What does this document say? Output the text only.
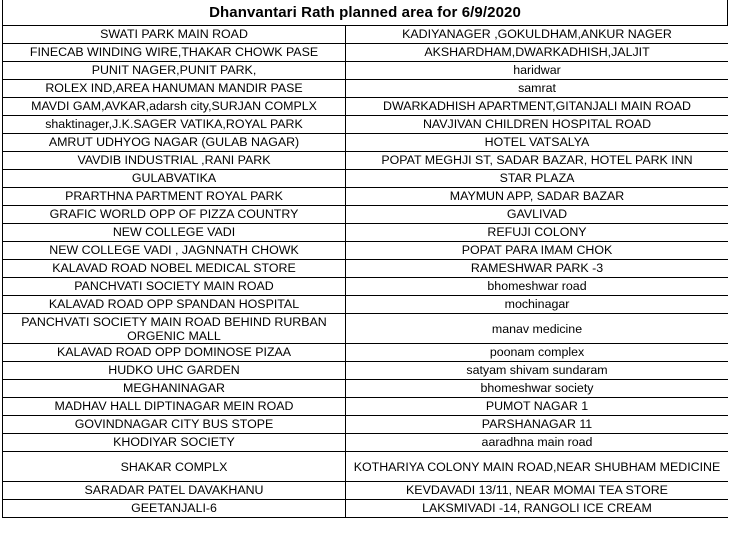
Dhanvantari Rath planned area for 6/9/2020
SWATI PARK MAIN ROAD	KADIYANAGER ,GOKULDHAM,ANKUR NAGER
FINECAB WINDING WIRE,THAKAR CHOWK PASE	AKSHARDHAM,DWARKADHISH,JALJIT
PUNIT NAGER,PUNIT PARK,	haridwar
ROLEX IND,AREA HANUMAN MANDIR PASE	samrat
MAVDI GAM,AVKAR,adarsh city,SURJAN COMPLX	DWARKADHISH APARTMENT,GITANJALI MAIN ROAD
shaktinager,J.K.SAGER VATIKA,ROYAL PARK	NAVJIVAN CHILDREN HOSPITAL ROAD
AMRUT UDHYOG NAGAR (GULAB NAGAR)	HOTEL VATSALYA
VAVDIB INDUSTRIAL ,RANI PARK	POPAT MEGHJI ST, SADAR BAZAR, HOTEL PARK INN
GULABVATIKA	STAR PLAZA
PRARTHNA PARTMENT ROYAL PARK	MAYMUN APP, SADAR BAZAR
GRAFIC WORLD OPP OF PIZZA COUNTRY	GAVLIVAD
NEW COLLEGE VADI	REFUJI COLONY
NEW COLLEGE VADI , JAGNNATH CHOWK	POPAT PARA IMAM CHOK
KALAVAD ROAD NOBEL MEDICAL STORE	RAMESHWAR PARK -3
PANCHVATI SOCIETY MAIN ROAD	bhomeshwar road
KALAVAD ROAD OPP SPANDAN HOSPITAL	mochinagar
PANCHVATI SOCIETY MAIN ROAD BEHIND RURBAN ORGENIC MALL	manav medicine
KALAVAD ROAD OPP DOMINOSE PIZAA	poonam complex
HUDKO UHC GARDEN	satyam shivam sundaram
MEGHANINAGAR	bhomeshwar society
MADHAV HALL DIPTINAGAR MEIN ROAD	PUMOT NAGAR 1
GOVINDNAGAR CITY BUS STOPE	PARSHANAGAR 11
KHODIYAR SOCIETY	aaradhna main road
SHAKAR COMPLX	KOTHARIYA COLONY MAIN ROAD,NEAR SHUBHAM MEDICINE
SARADAR PATEL DAVAKHANU	KEVDAVADI 13/11, NEAR MOMAI TEA STORE
GEETANJALI-6	LAKSMIVADI -14, RANGOLI ICE CREAM
